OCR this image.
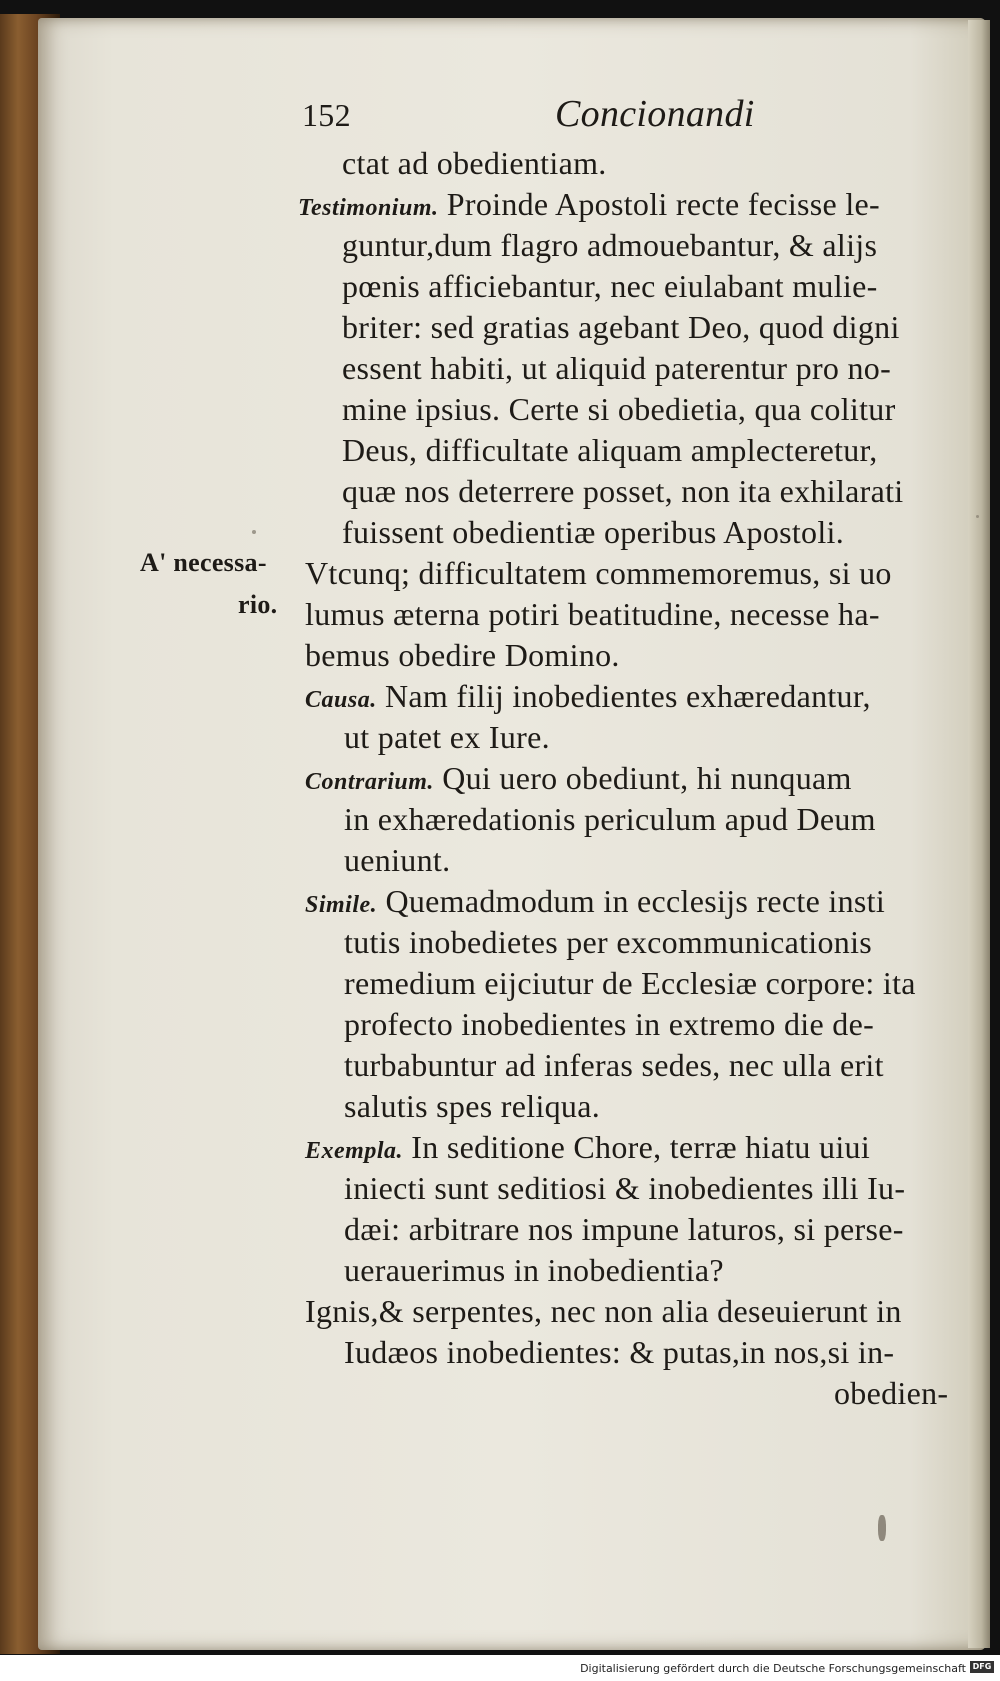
152	Concionandi
A' necessa-
rio.
ctat ad obedientiam.
Testimonium. Proinde Apostoli recte fecisse le-
guntur,dum flagro admouebantur, & alijs
pœnis afficiebantur, nec eiulabant mulie-
briter: sed gratias agebant Deo, quod digni
essent habiti, ut aliquid paterentur pro no-
mine ipsius. Certe si obedietia, qua colitur
Deus, difficultate aliquam amplecteretur,
quæ nos deterrere posset, non ita exhilarati
fuissent obedientiæ operibus Apostoli.
Vtcunq; difficultatem commemoremus, si uo
lumus æterna potiri beatitudine, necesse ha-
bemus obedire Domino.
Causa. Nam filij inobedientes exhæredantur,
ut patet ex Iure.
Contrarium. Qui uero obediunt, hi nunquam
in exhæredationis periculum apud Deum
ueniunt.
Simile. Quemadmodum in ecclesijs recte insti
tutis inobedietes per excommunicationis
remedium eijciutur de Ecclesiæ corpore: ita
profecto inobedientes in extremo die de-
turbabuntur ad inferas sedes, nec ulla erit
salutis spes reliqua.
Exempla. In seditione Chore, terræ hiatu uiui
iniecti sunt seditiosi & inobedientes illi Iu-
dæi: arbitrare nos impune laturos, si perse-
uerauerimus in inobedientia?
Ignis,& serpentes, nec non alia deseuierunt in
Iudæos inobedientes: & putas,in nos,si in-
obedien-
Digitalisierung gefördert durch die Deutsche Forschungsgemeinschaft DFG
